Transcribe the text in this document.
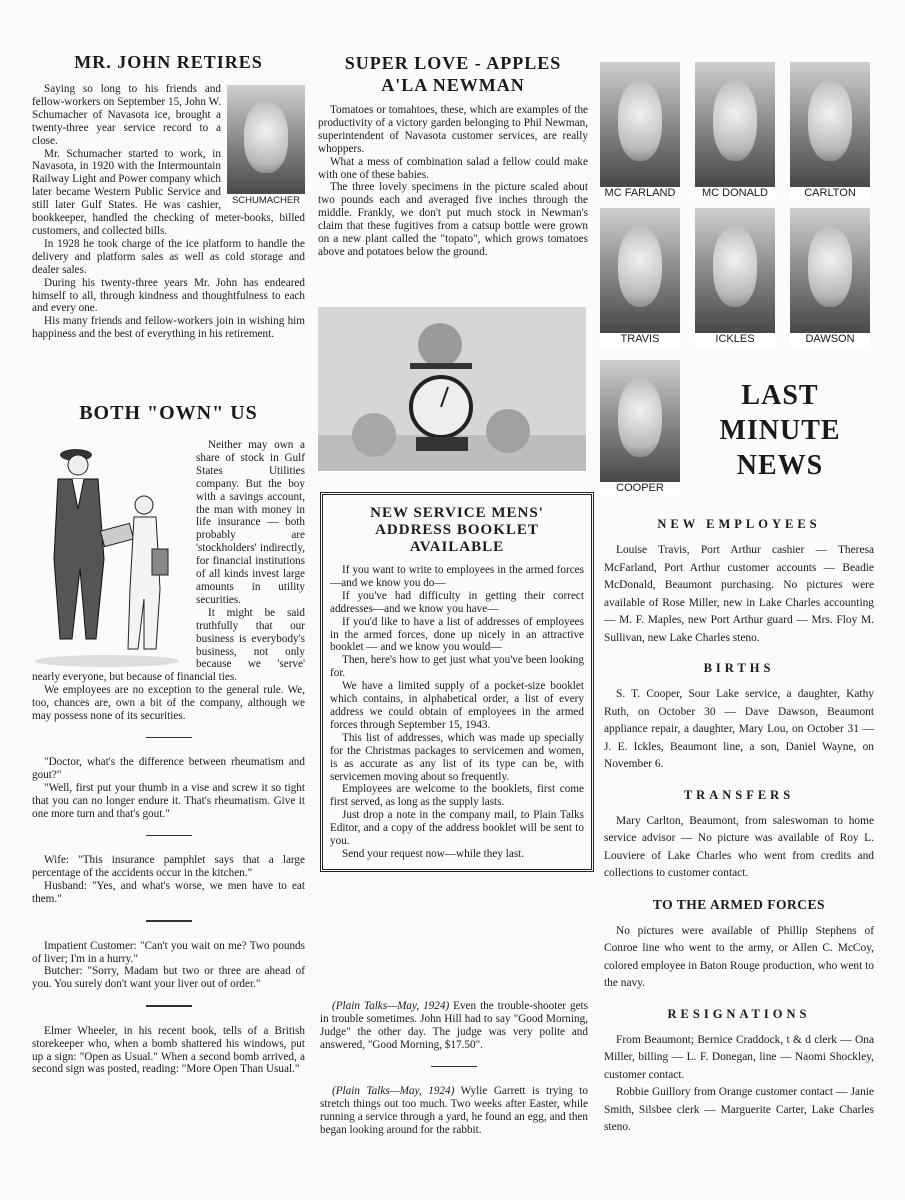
MR. JOHN RETIRES
SCHUMACHER

Saying so long to his friends and fellow-workers on September 15, John W. Schumacher of Navasota ice, brought a twenty-three year service record to a close.

Mr. Schumacher started to work, in Navasota, in 1920 with the Intermountain Railway Light and Power company which later became Western Public Service and still later Gulf States. He was cashier, bookkeeper, handled the checking of meter-books, billed customers, and collected bills.

In 1928 he took charge of the ice platform to handle the delivery and platform sales as well as cold storage and dealer sales.

During his twenty-three years Mr. John has endeared himself to all, through kindness and thoughtfulness to each and every one.

His many friends and fellow-workers join in wishing him happiness and the best of everything in his retirement.

BOTH "OWN" US

Neither may own a share of stock in Gulf States Utilities company. But the boy with a savings account, the man with money in life insurance — both probably are 'stockholders' indirectly, for financial institutions of all kinds invest large amounts in utility securities.

It might be said truthfully that our business is everybody's business, not only because we 'serve' nearly everyone, but because of financial ties.

We employees are no exception to the general rule. We, too, chances are, own a bit of the company, although we may possess none of its securities.

"Doctor, what's the difference between rheumatism and gout?"

"Well, first put your thumb in a vise and screw it so tight that you can no longer endure it. That's rheumatism. Give it one more turn and that's gout."

Wife: "This insurance pamphlet says that a large percentage of the accidents occur in the kitchen."

Husband: "Yes, and what's worse, we men have to eat them."

Impatient Customer: "Can't you wait on me? Two pounds of liver; I'm in a hurry."

Butcher: "Sorry, Madam but two or three are ahead of you. You surely don't want your liver out of order."

Elmer Wheeler, in his recent book, tells of a British storekeeper who, when a bomb shattered his windows, put up a sign: "Open as Usual." When a second bomb arrived, a second sign was posted, reading: "More Open Than Usual."

SUPER LOVE - APPLES
A'LA NEWMAN

Tomatoes or tomahtoes, these, which are examples of the productivity of a victory garden belonging to Phil Newman, superintendent of Navasota customer services, are really whoppers.

What a mess of combination salad a fellow could make with one of these babies.

The three lovely specimens in the picture scaled about two pounds each and averaged five inches through the middle. Frankly, we don't put much stock in Newman's claim that these fugitives from a catsup bottle were grown on a new plant called the "topato", which grows tomatoes above and potatoes below the ground.

NEW SERVICE MENS' ADDRESS BOOKLET AVAILABLE

If you want to write to employees in the armed forces—and we know you do—

If you've had difficulty in getting their correct addresses—and we know you have—

If you'd like to have a list of addresses of employees in the armed forces, done up nicely in an attractive booklet — and we know you would—

Then, here's how to get just what you've been looking for.

We have a limited supply of a pocket-size booklet which contains, in alphabetical order, a list of every address we could obtain of employees in the armed forces through September 15, 1943.

This list of addresses, which was made up specially for the Christmas packages to servicemen and women, is as accurate as any list of its type can be, with servicemen moving about so frequently.

Employees are welcome to the booklets, first come first served, as long as the supply lasts.

Just drop a note in the company mail, to Plain Talks Editor, and a copy of the address booklet will be sent to you.

Send your request now—while they last.

(Plain Talks—May, 1924) Even the trouble-shooter gets in trouble sometimes. John Hill had to say "Good Morning, Judge" the other day. The judge was very polite and answered, "Good Morning, $17.50".

(Plain Talks—May, 1924) Wylie Garrett is trying to stretch things out too much. Two weeks after Easter, while running a service through a yard, he found an egg, and then began looking around for the rabbit.

MC FARLAND	MC DONALD	CARLTON
TRAVIS	ICKLES	DAWSON
COOPER
LAST
MINUTE
NEWS
NEW EMPLOYEES

Louise Travis, Port Arthur cashier — Theresa McFarland, Port Arthur customer accounts — Beadie McDonald, Beaumont purchasing. No pictures were available of Rose Miller, new in Lake Charles accounting — M. F. Maples, new Port Arthur guard — Mrs. Floy M. Sullivan, new Lake Charles steno.

BIRTHS

S. T. Cooper, Sour Lake service, a daughter, Kathy Ruth, on October 30 — Dave Dawson, Beaumont appliance repair, a daughter, Mary Lou, on October 31 — J. E. Ickles, Beaumont line, a son, Daniel Wayne, on November 6.

TRANSFERS

Mary Carlton, Beaumont, from saleswoman to home service advisor — No picture was available of Roy L. Louviere of Lake Charles who went from credits and collections to customer contact.

TO THE ARMED FORCES

No pictures were available of Phillip Stephens of Conroe line who went to the army, or Allen C. McCoy, colored employee in Baton Rouge production, who went to the navy.

RESIGNATIONS

From Beaumont; Bernice Craddock, t & d clerk — Ona Miller, billing — L. F. Donegan, line — Naomi Shockley, customer contact.

Robbie Guillory from Orange customer contact — Janie Smith, Silsbee clerk — Marguerite Carter, Lake Charles steno.
